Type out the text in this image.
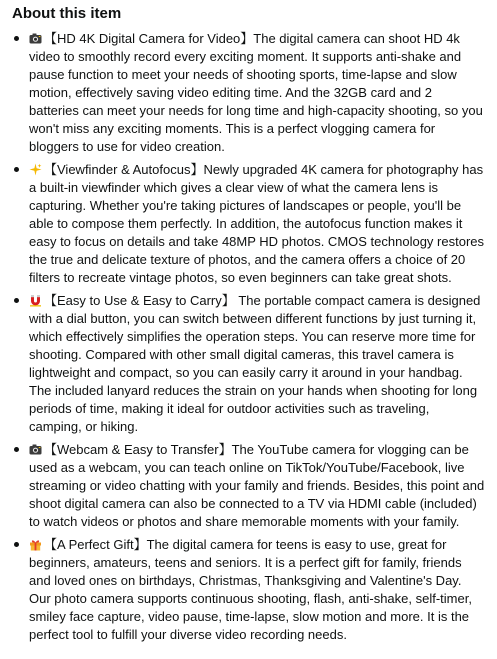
About this item
【HD 4K Digital Camera for Video】The digital camera can shoot HD 4k video to smoothly record every exciting moment. It supports anti-shake and pause function to meet your needs of shooting sports, time-lapse and slow motion, effectively saving video editing time. And the 32GB card and 2 batteries can meet your needs for long time and high-capacity shooting, so you won't miss any exciting moments. This is a perfect vlogging camera for bloggers to use for video creation.
【Viewfinder & Autofocus】Newly upgraded 4K camera for photography has a built-in viewfinder which gives a clear view of what the camera lens is capturing. Whether you're taking pictures of landscapes or people, you'll be able to compose them perfectly. In addition, the autofocus function makes it easy to focus on details and take 48MP HD photos. CMOS technology restores the true and delicate texture of photos, and the camera offers a choice of 20 filters to recreate vintage photos, so even beginners can take great shots.
【Easy to Use & Easy to Carry】 The portable compact camera is designed with a dial button, you can switch between different functions by just turning it, which effectively simplifies the operation steps. You can reserve more time for shooting. Compared with other small digital cameras, this travel camera is lightweight and compact, so you can easily carry it around in your handbag. The included lanyard reduces the strain on your hands when shooting for long periods of time, making it ideal for outdoor activities such as traveling, camping, or hiking.
【Webcam & Easy to Transfer】The YouTube camera for vlogging can be used as a webcam, you can teach online on TikTok/YouTube/Facebook, live streaming or video chatting with your family and friends. Besides, this point and shoot digital camera can also be connected to a TV via HDMI cable (included) to watch videos or photos and share memorable moments with your family.
【A Perfect Gift】The digital camera for teens is easy to use, great for beginners, amateurs, teens and seniors. It is a perfect gift for family, friends and loved ones on birthdays, Christmas, Thanksgiving and Valentine's Day. Our photo camera supports continuous shooting, flash, anti-shake, self-timer, smiley face capture, video pause, time-lapse, slow motion and more. It is the perfect tool to fulfill your diverse video recording needs.
